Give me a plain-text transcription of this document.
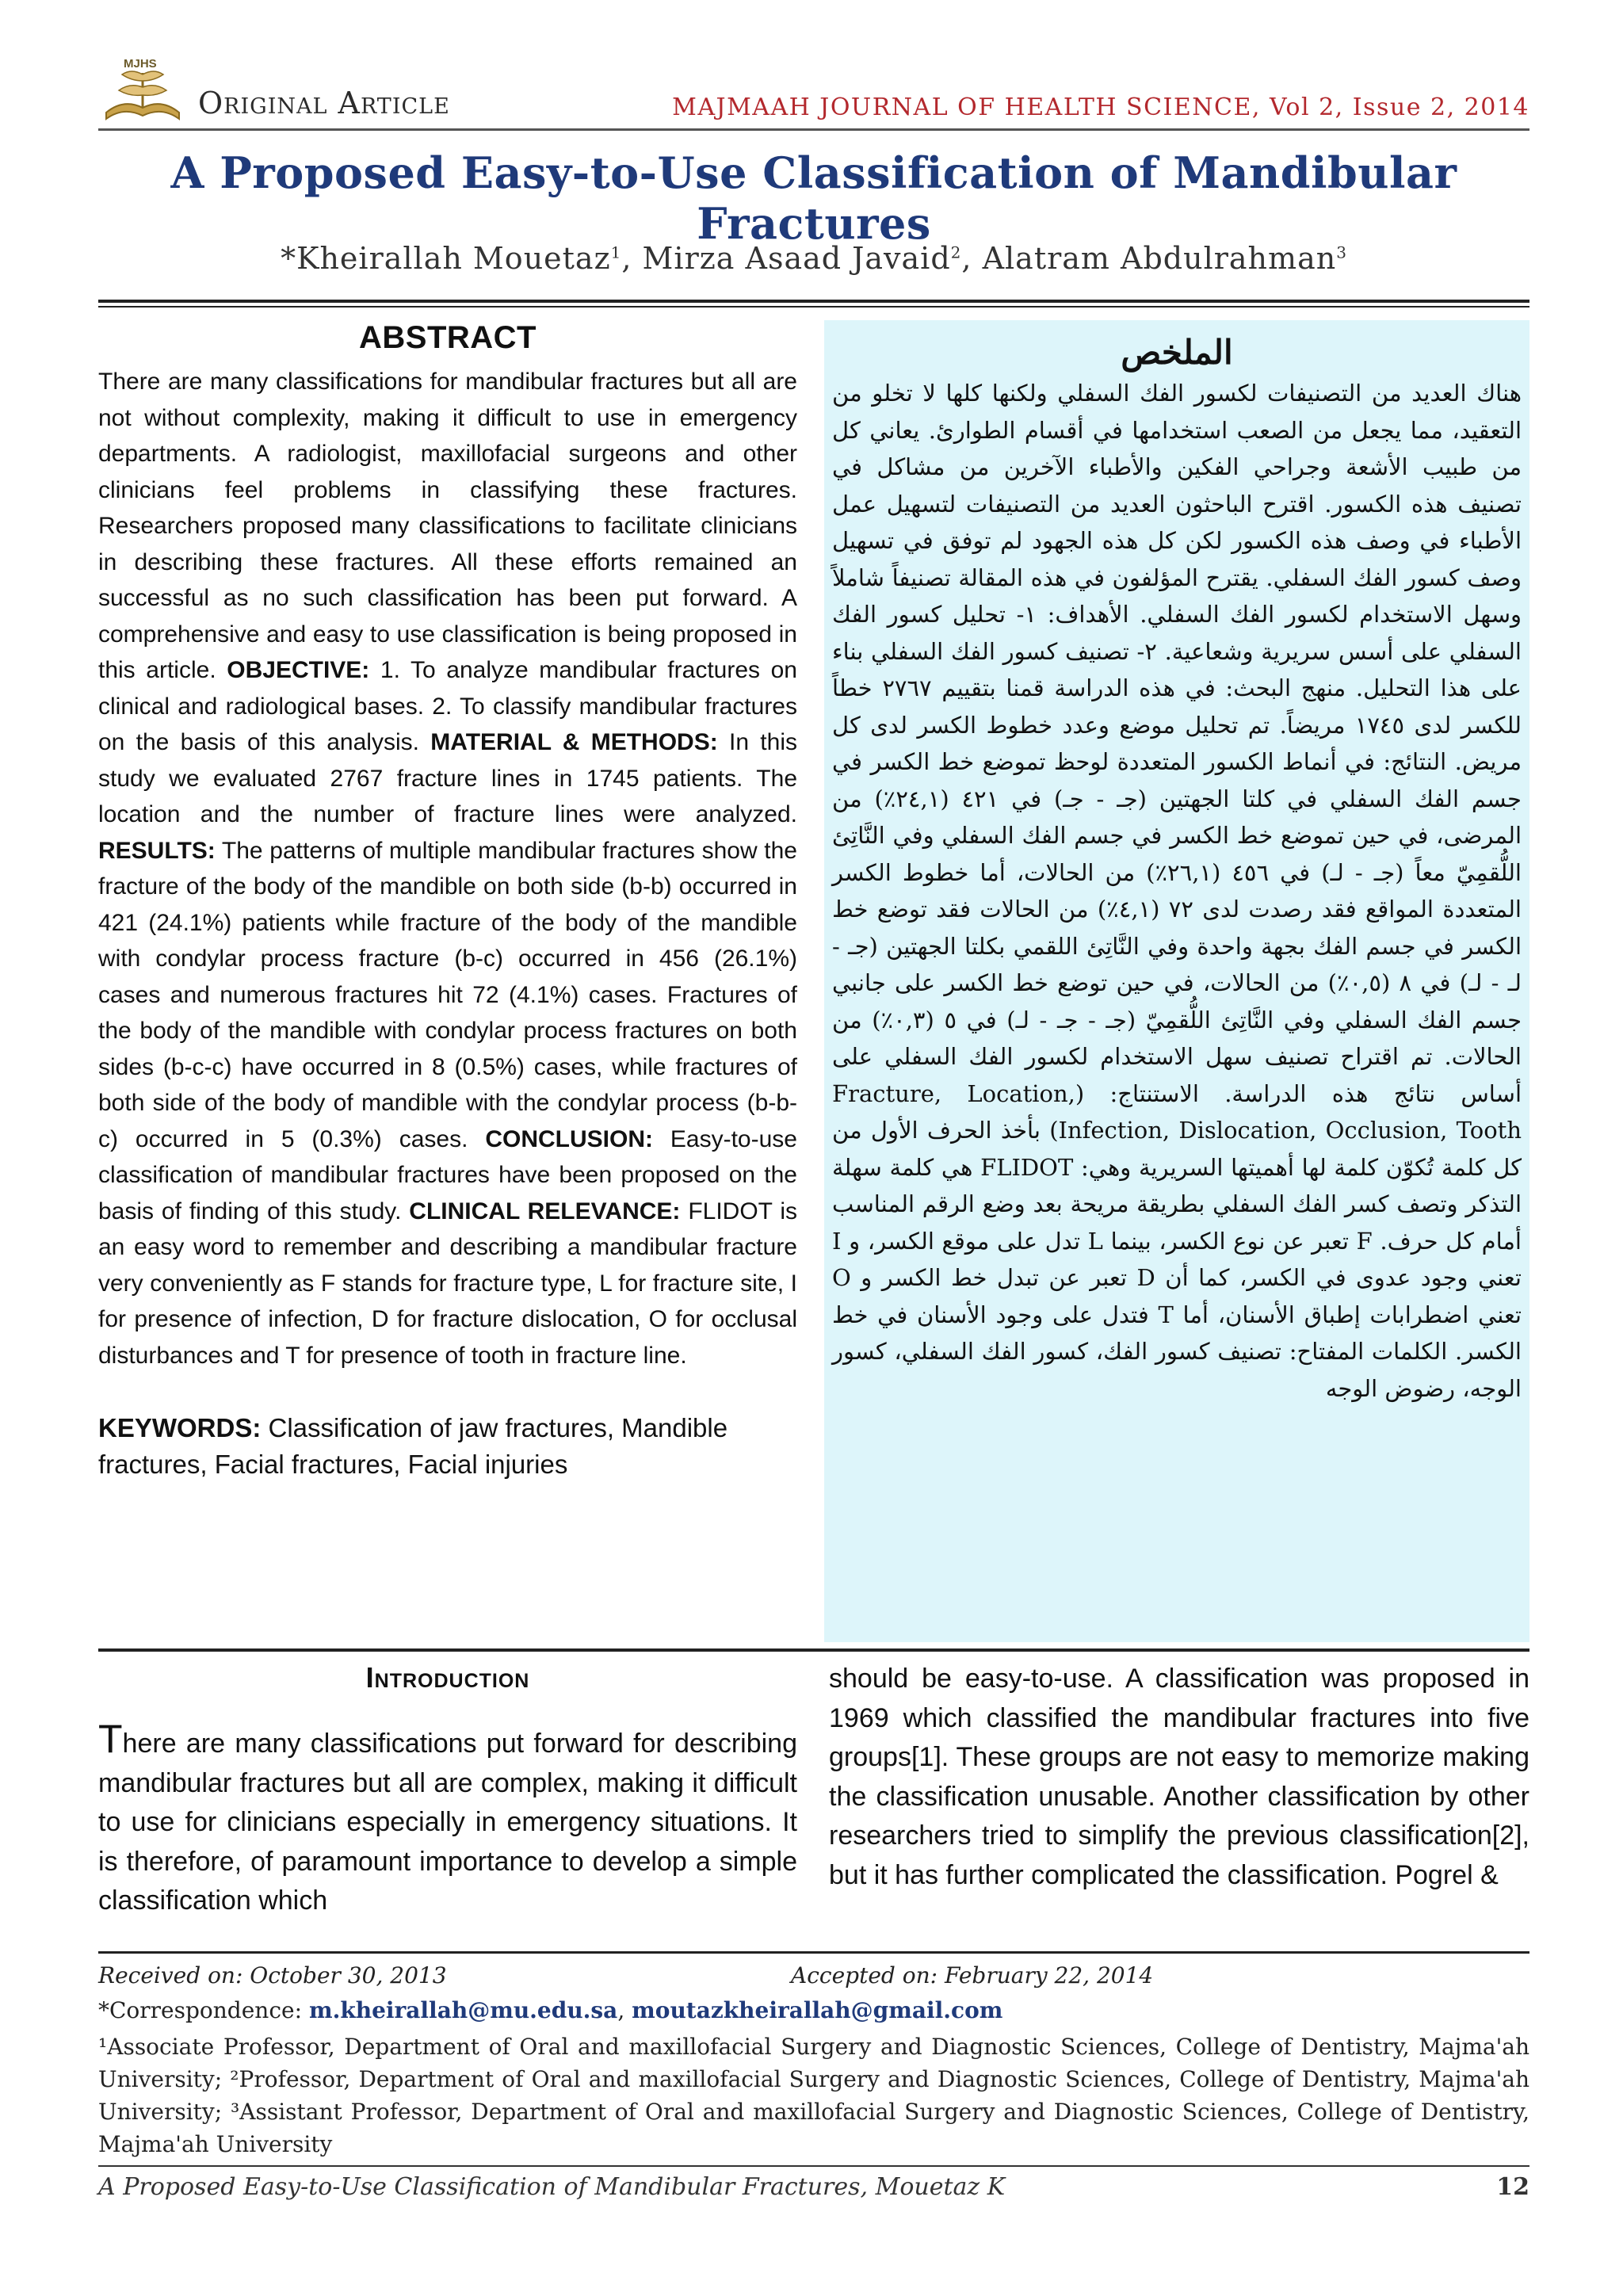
MJHS
Original Article	MAJMAAH JOURNAL OF HEALTH SCIENCE, Vol 2, Issue 2, 2014
A Proposed Easy-to-Use Classification of Mandibular Fractures
*Kheirallah Mouetaz$^1$, Mirza Asaad Javaid$^2$, Alatram Abdulrahman$^3$
ABSTRACT
There are many classifications for mandibular fractures but all are not without complexity, making it difficult to use in emergency departments. A radiologist, maxillofacial surgeons and other clinicians feel problems in classifying these fractures. Researchers proposed many classifications to facilitate clinicians in describing these fractures. All these efforts remained an successful as no such classification has been put forward. A comprehensive and easy to use classification is being proposed in this article. OBJECTIVE: 1. To analyze mandibular fractures on clinical and radiological bases. 2. To classify mandibular fractures on the basis of this analysis. MATERIAL & METHODS: In this study we evaluated 2767 fracture lines in 1745 patients. The location and the number of fracture lines were analyzed. RESULTS: The patterns of multiple mandibular fractures show the fracture of the body of the mandible on both side (b-b) occurred in 421 (24.1%) patients while fracture of the body of the mandible with condylar process fracture (b-c) occurred in 456 (26.1%) cases and numerous fractures hit 72 (4.1%) cases. Fractures of the body of the mandible with condylar process fractures on both sides (b-c-c) have occurred in 8 (0.5%) cases, while fractures of both side of the body of mandible with the condylar process (b-b-c) occurred in 5 (0.3%) cases. CONCLUSION: Easy-to-use classification of mandibular fractures have been proposed on the basis of finding of this study. CLINICAL RELEVANCE: FLIDOT is an easy word to remember and describing a mandibular fracture very conveniently as F stands for fracture type, L for fracture site, I for presence of infection, D for fracture dislocation, O for occlusal disturbances and T for presence of tooth in fracture line.
KEYWORDS: Classification of jaw fractures, Mandible fractures, Facial fractures, Facial injuries
الملخص
هناك العديد من التصنيفات لكسور الفك السفلي ولكنها كلها لا تخلو من التعقيد، مما يجعل من الصعب استخدامها في أقسام الطوارئ. يعاني كل من طبيب الأشعة وجراحي الفكين والأطباء الآخرين من مشاكل في تصنيف هذه الكسور. اقترح الباحثون العديد من التصنيفات لتسهيل عمل الأطباء في وصف هذه الكسور لكن كل هذه الجهود لم توفق في تسهيل وصف كسور الفك السفلي. يقترح المؤلفون في هذه المقالة تصنيفاً شاملاً وسهل الاستخدام لكسور الفك السفلي. الأهداف: ١- تحليل كسور الفك السفلي على أسس سريرية وشعاعية. ٢- تصنيف كسور الفك السفلي بناء على هذا التحليل. منهج البحث: في هذه الدراسة قمنا بتقييم ٢٧٦٧ خطاً للكسر لدى ١٧٤٥ مريضاً. تم تحليل موضع وعدد خطوط الكسر لدى كل مريض. النتائج: في أنماط الكسور المتعددة لوحظ تموضع خط الكسر في جسم الفك السفلي في كلتا الجهتين (جـ - جـ) في ٤٢١ (٢٤,١٪) من المرضى، في حين تموضع خط الكسر في جسم الفك السفلي وفي النَّاتِئ اللُّقمِيّ معاً (جـ - لـ) في ٤٥٦ (٢٦,١٪) من الحالات، أما خطوط الكسر المتعددة المواقع فقد رصدت لدى ٧٢ (٤,١٪) من الحالات فقد توضع خط الكسر في جسم الفك بجهة واحدة وفي النَّاتِئ اللقمي بكلتا الجهتين (جـ - لـ - لـ) في ٨ (٠,٥٪) من الحالات، في حين توضع خط الكسر على جانبي جسم الفك السفلي وفي النَّاتِئ اللُّقمِيّ (جـ - جـ - لـ) في ٥ (٠,٣٪) من الحالات. تم اقتراح تصنيف سهل الاستخدام لكسور الفك السفلي على أساس نتائج هذه الدراسة. الاستنتاج: (Fracture, Location, Infection, Dislocation, Occlusion, Tooth) بأخذ الحرف الأول من كل كلمة تُكوّن كلمة لها أهميتها السريرية وهي: FLIDOT هي كلمة سهلة التذكر وتصف كسر الفك السفلي بطريقة مريحة بعد وضع الرقم المناسب أمام كل حرف. F تعبر عن نوع الكسر، بينما L تدل على موقع الكسر، و I تعني وجود عدوى في الكسر، كما أن D تعبر عن تبدل خط الكسر و O تعني اضطرابات إطباق الأسنان، أما T فتدل على وجود الأسنان في خط الكسر. الكلمات المفتاح: تصنيف كسور الفك، كسور الفك السفلي، كسور الوجه، رضوض الوجه
Introduction
There are many classifications put forward for describing mandibular fractures but all are complex, making it difficult to use for clinicians especially in emergency situations. It is therefore, of paramount importance to develop a simple classification which
should be easy-to-use. A classification was proposed in 1969 which classified the mandibular fractures into five groups[1]. These groups are not easy to memorize making the classification unusable. Another classification by other researchers tried to simplify the previous classification[2], but it has further complicated the classification. Pogrel &
Received on: October 30, 2013	Accepted on: February 22, 2014
*Correspondence: m.kheirallah@mu.edu.sa, moutazkheirallah@gmail.com
¹Associate Professor, Department of Oral and maxillofacial Surgery and Diagnostic Sciences, College of Dentistry, Majma'ah University; ²Professor, Department of Oral and maxillofacial Surgery and Diagnostic Sciences, College of Dentistry, Majma'ah University; ³Assistant Professor, Department of Oral and maxillofacial Surgery and Diagnostic Sciences, College of Dentistry, Majma'ah University
A Proposed Easy-to-Use Classification of Mandibular Fractures, Mouetaz K	12
